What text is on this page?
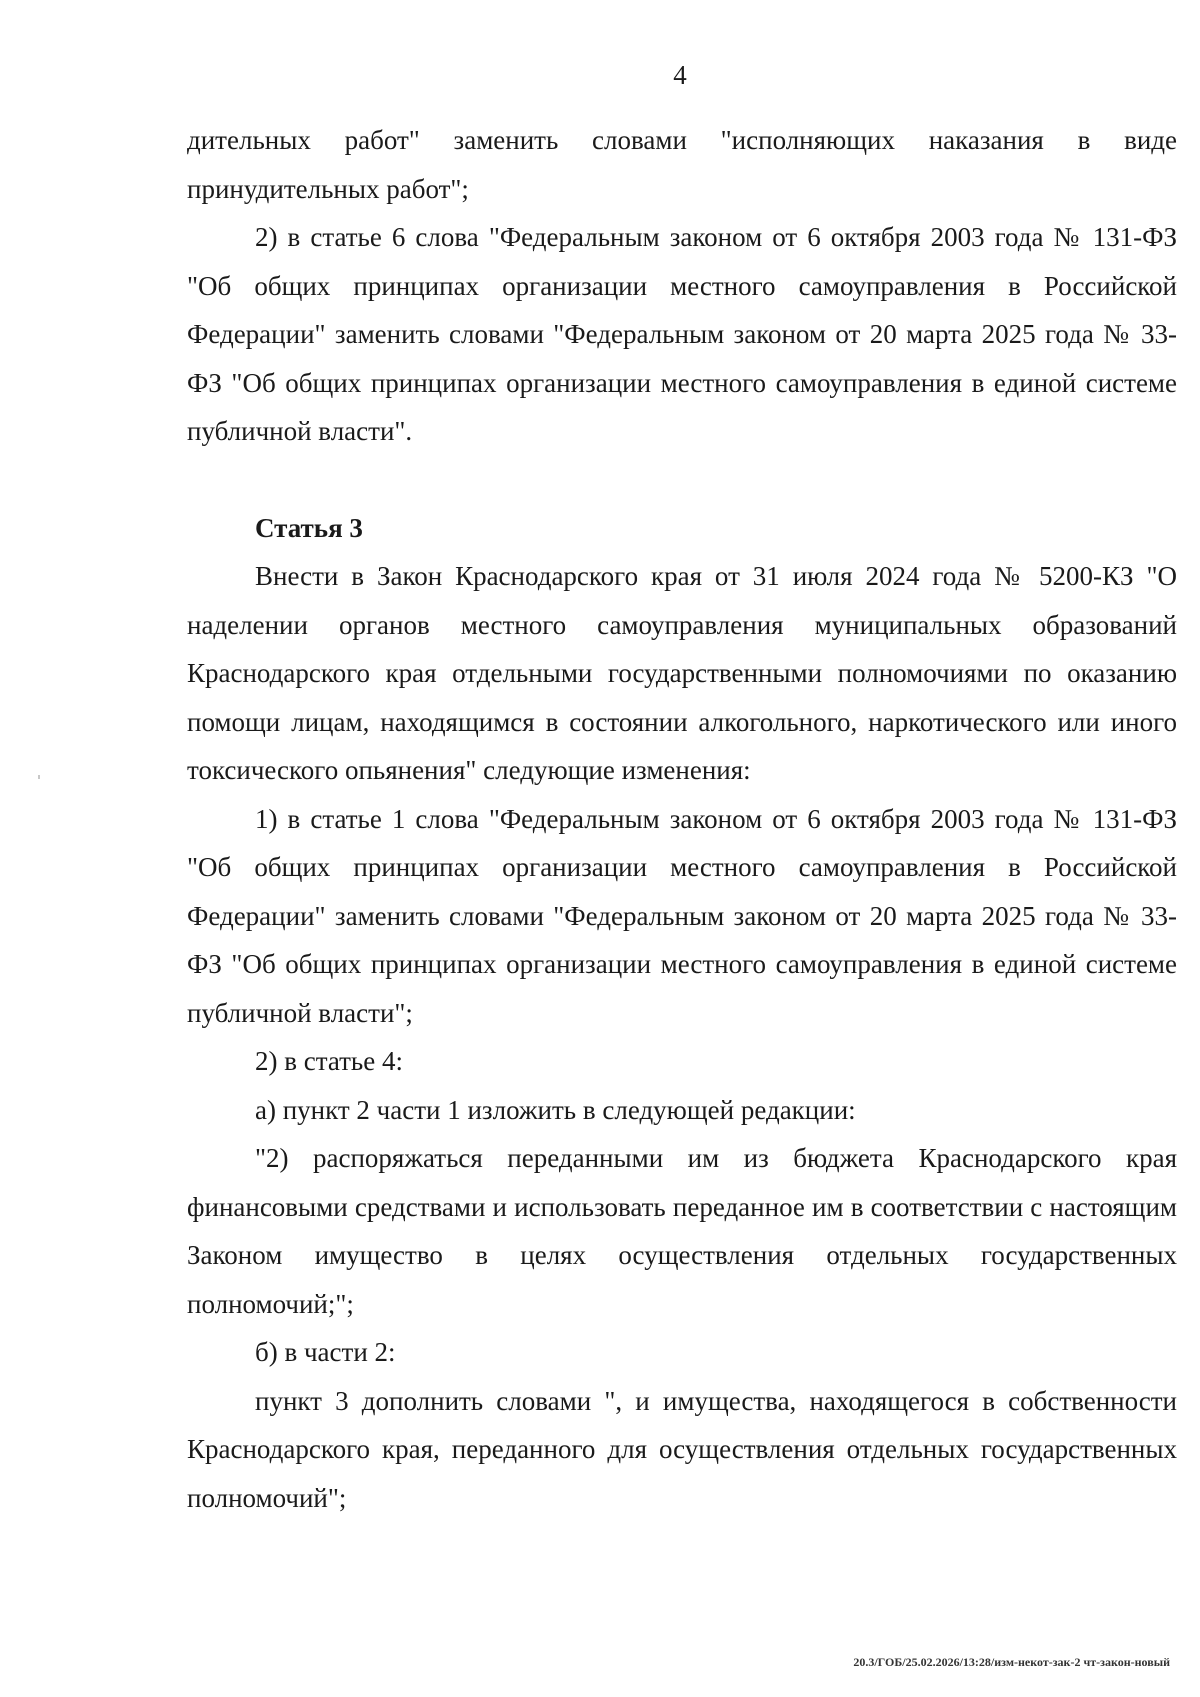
4

дительных работ" заменить словами "исполняющих наказания в виде принудительных работ";

2) в статье 6 слова "Федеральным законом от 6 октября 2003 года № 131-ФЗ "Об общих принципах организации местного самоуправления в Российской Федерации" заменить словами "Федеральным законом от 20 марта 2025 года № 33-ФЗ "Об общих принципах организации местного самоуправления в единой системе публичной власти".

Статья 3

Внести в Закон Краснодарского края от 31 июля 2024 года № 5200-КЗ "О наделении органов местного самоуправления муниципальных образований Краснодарского края отдельными государственными полномочиями по оказанию помощи лицам, находящимся в состоянии алкогольного, наркотического или иного токсического опьянения" следующие изменения:

1) в статье 1 слова "Федеральным законом от 6 октября 2003 года № 131-ФЗ "Об общих принципах организации местного самоуправления в Российской Федерации" заменить словами "Федеральным законом от 20 марта 2025 года № 33-ФЗ "Об общих принципах организации местного самоуправления в единой системе публичной власти";

2) в статье 4:

а) пункт 2 части 1 изложить в следующей редакции:

"2) распоряжаться переданными им из бюджета Краснодарского края финансовыми средствами и использовать переданное им в соответствии с настоящим Законом имущество в целях осуществления отдельных государственных полномочий;";

б) в части 2:

пункт 3 дополнить словами ", и имущества, находящегося в собственности Краснодарского края, переданного для осуществления отдельных государственных полномочий";

20.3/ГОБ/25.02.2026/13:28/изм-некот-зак-2 чт-закон-новый
